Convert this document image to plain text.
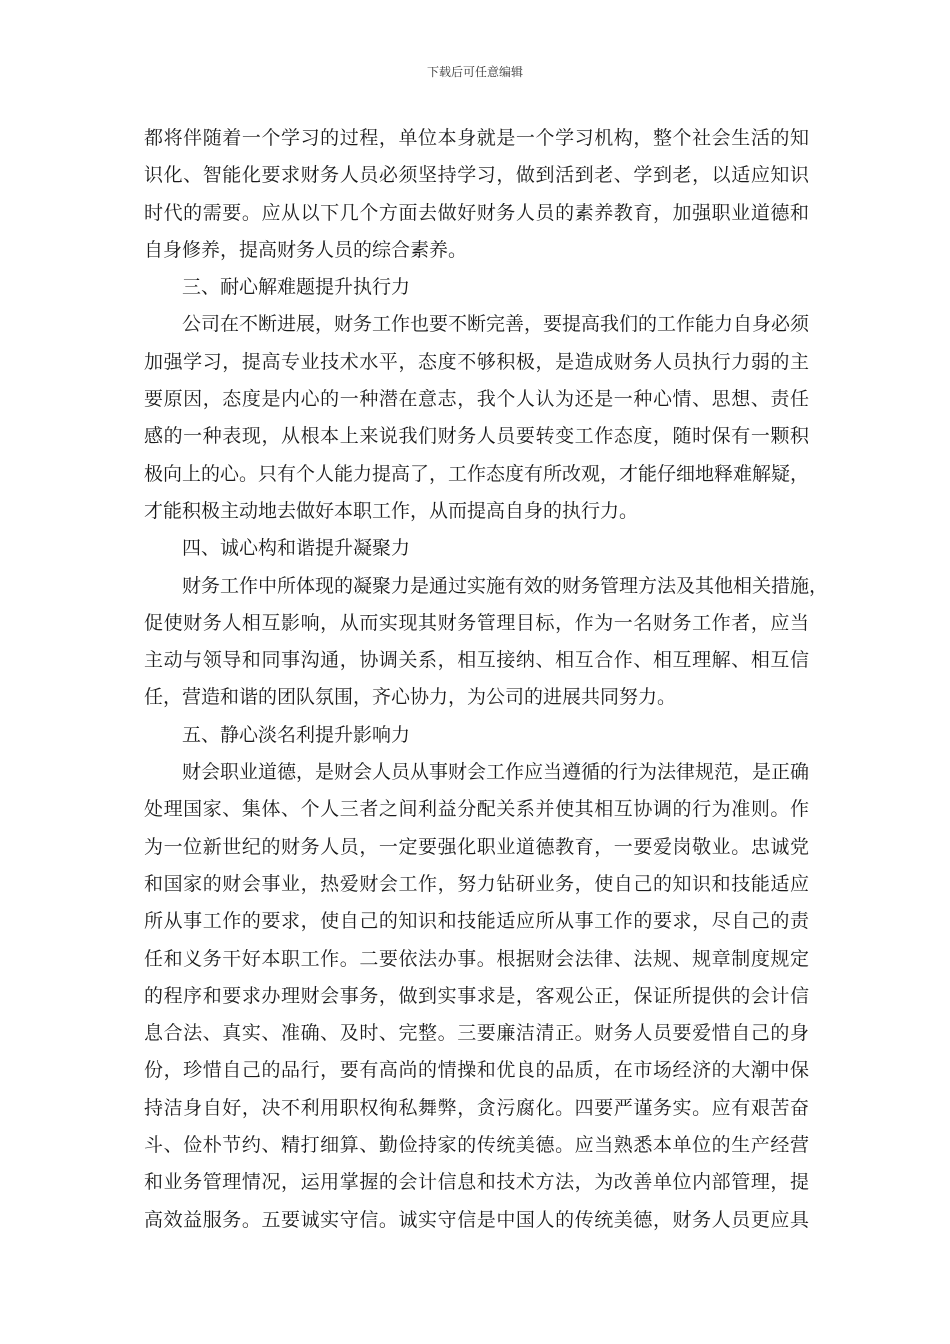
下载后可任意编辑
都将伴随着一个学习的过程，单位本身就是一个学习机构，整个社会生活的知
识化、智能化要求财务人员必须坚持学习，做到活到老、学到老，以适应知识
时代的需要。应从以下几个方面去做好财务人员的素养教育，加强职业道德和
自身修养，提高财务人员的综合素养。
三、耐心解难题提升执行力
公司在不断进展，财务工作也要不断完善，要提高我们的工作能力自身必须
加强学习，提高专业技术水平，态度不够积极，是造成财务人员执行力弱的主
要原因，态度是内心的一种潜在意志，我个人认为还是一种心情、思想、责任
感的一种表现，从根本上来说我们财务人员要转变工作态度，随时保有一颗积
极向上的心。只有个人能力提高了，工作态度有所改观，才能仔细地释难解疑，
才能积极主动地去做好本职工作，从而提高自身的执行力。
四、诚心构和谐提升凝聚力
财务工作中所体现的凝聚力是通过实施有效的财务管理方法及其他相关措施，
促使财务人相互影响，从而实现其财务管理目标，作为一名财务工作者，应当
主动与领导和同事沟通，协调关系，相互接纳、相互合作、相互理解、相互信
任，营造和谐的团队氛围，齐心协力，为公司的进展共同努力。
五、静心淡名利提升影响力
财会职业道德，是财会人员从事财会工作应当遵循的行为法律规范，是正确
处理国家、集体、个人三者之间利益分配关系并使其相互协调的行为准则。作
为一位新世纪的财务人员，一定要强化职业道德教育，一要爱岗敬业。忠诚党
和国家的财会事业，热爱财会工作，努力钻研业务，使自己的知识和技能适应
所从事工作的要求，使自己的知识和技能适应所从事工作的要求，尽自己的责
任和义务干好本职工作。二要依法办事。根据财会法律、法规、规章制度规定
的程序和要求办理财会事务，做到实事求是，客观公正，保证所提供的会计信
息合法、真实、准确、及时、完整。三要廉洁清正。财务人员要爱惜自己的身
份，珍惜自己的品行，要有高尚的情操和优良的品质，在市场经济的大潮中保
持洁身自好，决不利用职权徇私舞弊，贪污腐化。四要严谨务实。应有艰苦奋
斗、俭朴节约、精打细算、勤俭持家的传统美德。应当熟悉本单位的生产经营
和业务管理情况，运用掌握的会计信息和技术方法，为改善单位内部管理，提
高效益服务。五要诚实守信。诚实守信是中国人的传统美德，财务人员更应具
